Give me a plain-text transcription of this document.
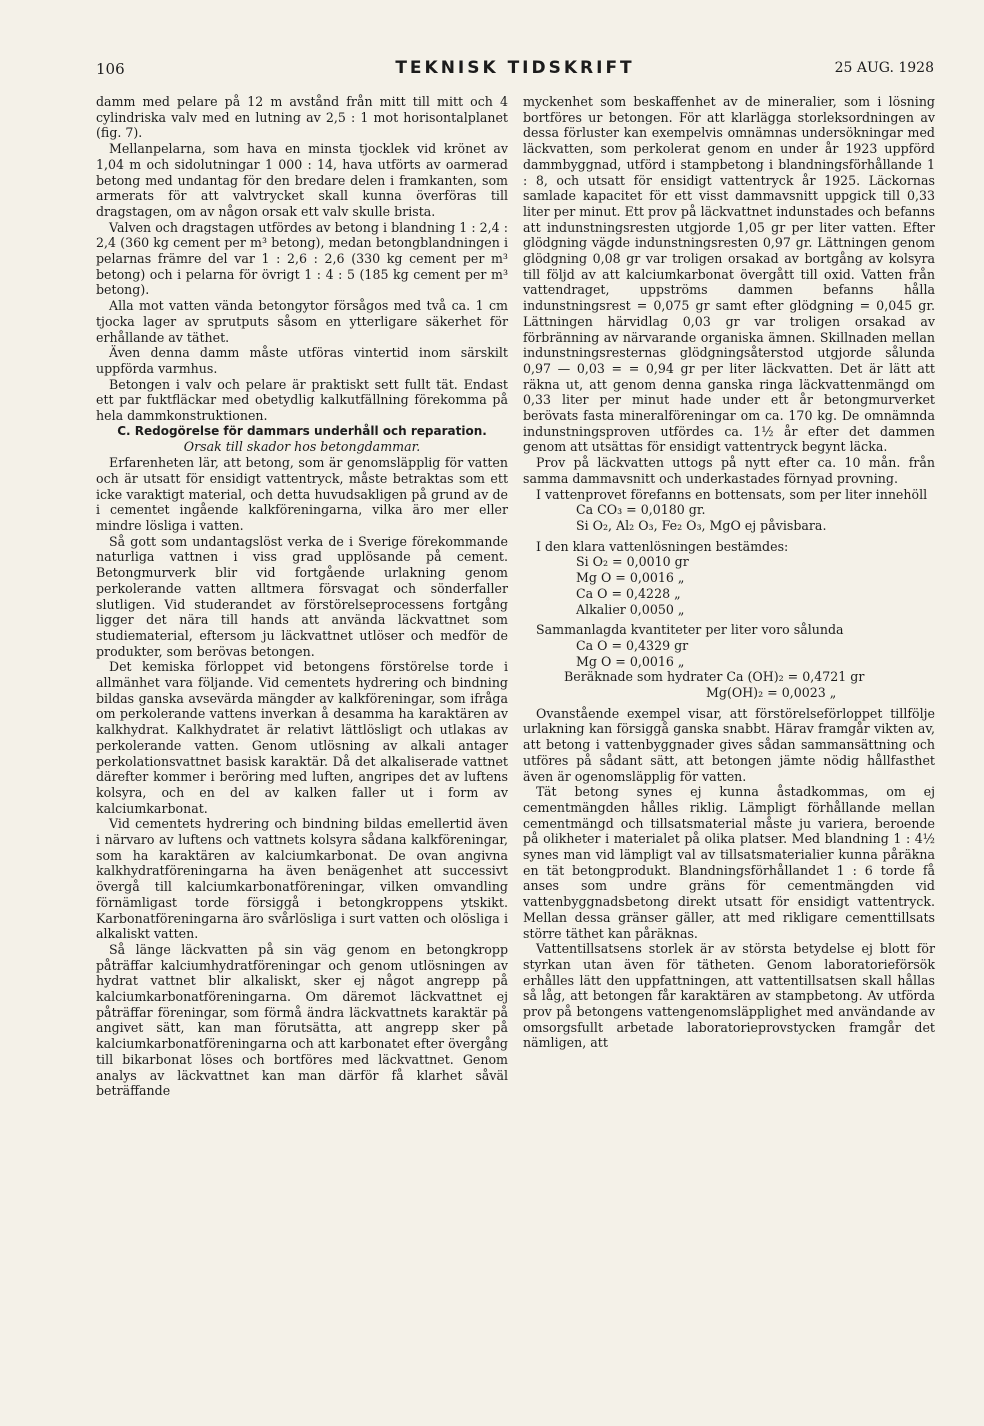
106	TEKNISK TIDSKRIFT	25 AUG. 1928

damm med pelare på 12 m avstånd från mitt till mitt och 4 cylindriska valv med en lutning av 2,5 : 1 mot horisontalplanet (fig. 7).

Mellanpelarna, som hava en minsta tjocklek vid krönet av 1,04 m och sidolutningar 1 000 : 14, hava utförts av oarmerad betong med undantag för den bredare delen i framkanten, som armerats för att valvtrycket skall kunna överföras till dragstagen, om av någon orsak ett valv skulle brista.

Valven och dragstagen utfördes av betong i blandning 1 : 2,4 : 2,4 (360 kg cement per m³ betong), medan betongblandningen i pelarnas främre del var 1 : 2,6 : 2,6 (330 kg cement per m³ betong) och i pelarna för övrigt 1 : 4 : 5 (185 kg cement per m³ betong).

Alla mot vatten vända betongytor försågos med två ca. 1 cm tjocka lager av sprutputs såsom en ytterligare säkerhet för erhållande av täthet.

Även denna damm måste utföras vintertid inom särskilt uppförda varmhus.

Betongen i valv och pelare är praktiskt sett fullt tät. Endast ett par fuktfläckar med obetydlig kalkutfällning förekomma på hela dammkonstruktionen.

C. Redogörelse för dammars underhåll och reparation.

Orsak till skador hos betongdammar.

Erfarenheten lär, att betong, som är genomsläpplig för vatten och är utsatt för ensidigt vattentryck, måste betraktas som ett icke varaktigt material, och detta huvudsakligen på grund av de i cementet ingående kalkföreningarna, vilka äro mer eller mindre lösliga i vatten.

Så gott som undantagslöst verka de i Sverige förekommande naturliga vattnen i viss grad upplösande på cement. Betongmurverk blir vid fortgående urlakning genom perkolerande vatten alltmera försvagat och sönderfaller slutligen. Vid studerandet av förstörelseprocessens fortgång ligger det nära till hands att använda läckvattnet som studiematerial, eftersom ju läckvattnet utlöser och medför de produkter, som berövas betongen.

Det kemiska förloppet vid betongens förstörelse torde i allmänhet vara följande. Vid cementets hydrering och bindning bildas ganska avsevärda mängder av kalkföreningar, som ifråga om perkolerande vattens inverkan å desamma ha karaktären av kalkhydrat. Kalkhydratet är relativt lättlösligt och utlakas av perkolerande vatten. Genom utlösning av alkali antager perkolationsvattnet basisk karaktär. Då det alkaliserade vattnet därefter kommer i beröring med luften, angripes det av luftens kolsyra, och en del av kalken faller ut i form av kalciumkarbonat.

Vid cementets hydrering och bindning bildas emellertid även i närvaro av luftens och vattnets kolsyra sådana kalkföreningar, som ha karaktären av kalciumkarbonat. De ovan angivna kalkhydratföreningarna ha även benägenhet att successivt övergå till kalciumkarbonatföreningar, vilken omvandling förnämligast torde försiggå i betongkroppens ytskikt. Karbonatföreningarna äro svårlösliga i surt vatten och olösliga i alkaliskt vatten.

Så länge läckvatten på sin väg genom en betongkropp påträffar kalciumhydratföreningar och genom utlösningen av hydrat vattnet blir alkaliskt, sker ej något angrepp på kalciumkarbonatföreningarna. Om däremot läckvattnet ej påträffar föreningar, som förmå ändra läckvattnets karaktär på angivet sätt, kan man förutsätta, att angrepp sker på kalciumkarbonatföreningarna och att karbonatet efter övergång till bikarbonat löses och bortföres med läckvattnet. Genom analys av läckvattnet kan man därför få klarhet såväl beträffande

myckenhet som beskaffenhet av de mineralier, som i lösning bortföres ur betongen. För att klarlägga storleksordningen av dessa förluster kan exempelvis omnämnas undersökningar med läckvatten, som perkolerat genom en under år 1923 uppförd dammbyggnad, utförd i stampbetong i blandningsförhållande 1 : 8, och utsatt för ensidigt vattentryck år 1925. Läckornas samlade kapacitet för ett visst dammavsnitt uppgick till 0,33 liter per minut. Ett prov på läckvattnet indunstades och befanns att indunstningsresten utgjorde 1,05 gr per liter vatten. Efter glödgning vägde indunstningsresten 0,97 gr. Lättningen genom glödgning 0,08 gr var troligen orsakad av bortgång av kolsyra till följd av att kalciumkarbonat övergått till oxid. Vatten från vattendraget, uppströms dammen befanns hålla indunstningsrest = 0,075 gr samt efter glödgning = 0,045 gr. Lättningen härvidlag 0,03 gr var troligen orsakad av förbränning av närvarande organiska ämnen. Skillnaden mellan indunstningsresternas glödgningsåterstod utgjorde sålunda 0,97 — 0,03 = = 0,94 gr per liter läckvatten. Det är lätt att räkna ut, att genom denna ganska ringa läckvattenmängd om 0,33 liter per minut hade under ett år betongmurverket berövats fasta mineralföreningar om ca. 170 kg. De omnämnda indunstningsproven utfördes ca. 1½ år efter det dammen genom att utsättas för ensidigt vattentryck begynt läcka.

Prov på läckvatten uttogs på nytt efter ca. 10 mån. från samma dammavsnitt och underkastades förnyad provning.

I vattenprovet förefanns en bottensats, som per liter innehöll

Ca CO₃ = 0,0180 gr.

Si O₂, Al₂ O₃, Fe₂ O₃, MgO ej påvisbara.

I den klara vattenlösningen bestämdes:

Si O₂ = 0,0010 gr

Mg O = 0,0016 „

Ca O = 0,4228 „

Alkalier 0,0050 „

Sammanlagda kvantiteter per liter voro sålunda

Ca O = 0,4329 gr

Mg O = 0,0016 „

Beräknade som hydrater Ca (OH)₂ = 0,4721 gr

Mg(OH)₂ = 0,0023 „

Ovanstående exempel visar, att förstörelseförloppet tillfölje urlakning kan försiggå ganska snabbt. Härav framgår vikten av, att betong i vattenbyggnader gives sådan sammansättning och utföres på sådant sätt, att betongen jämte nödig hållfasthet även är ogenomsläpplig för vatten.

Tät betong synes ej kunna åstadkommas, om ej cementmängden hålles riklig. Lämpligt förhållande mellan cementmängd och tillsatsmaterial måste ju variera, beroende på olikheter i materialet på olika platser. Med blandning 1 : 4½ synes man vid lämpligt val av tillsatsmaterialier kunna påräkna en tät betongprodukt. Blandningsförhållandet 1 : 6 torde få anses som undre gräns för cementmängden vid vattenbyggnadsbetong direkt utsatt för ensidigt vattentryck. Mellan dessa gränser gäller, att med rikligare cementtillsats större täthet kan påräknas.

Vattentillsatsens storlek är av största betydelse ej blott för styrkan utan även för tätheten. Genom laboratorieförsök erhålles lätt den uppfattningen, att vattentillsatsen skall hållas så låg, att betongen får karaktären av stampbetong. Av utförda prov på betongens vattengenomsläpplighet med användande av omsorgsfullt arbetade laboratorieprovstycken framgår det nämligen, att
